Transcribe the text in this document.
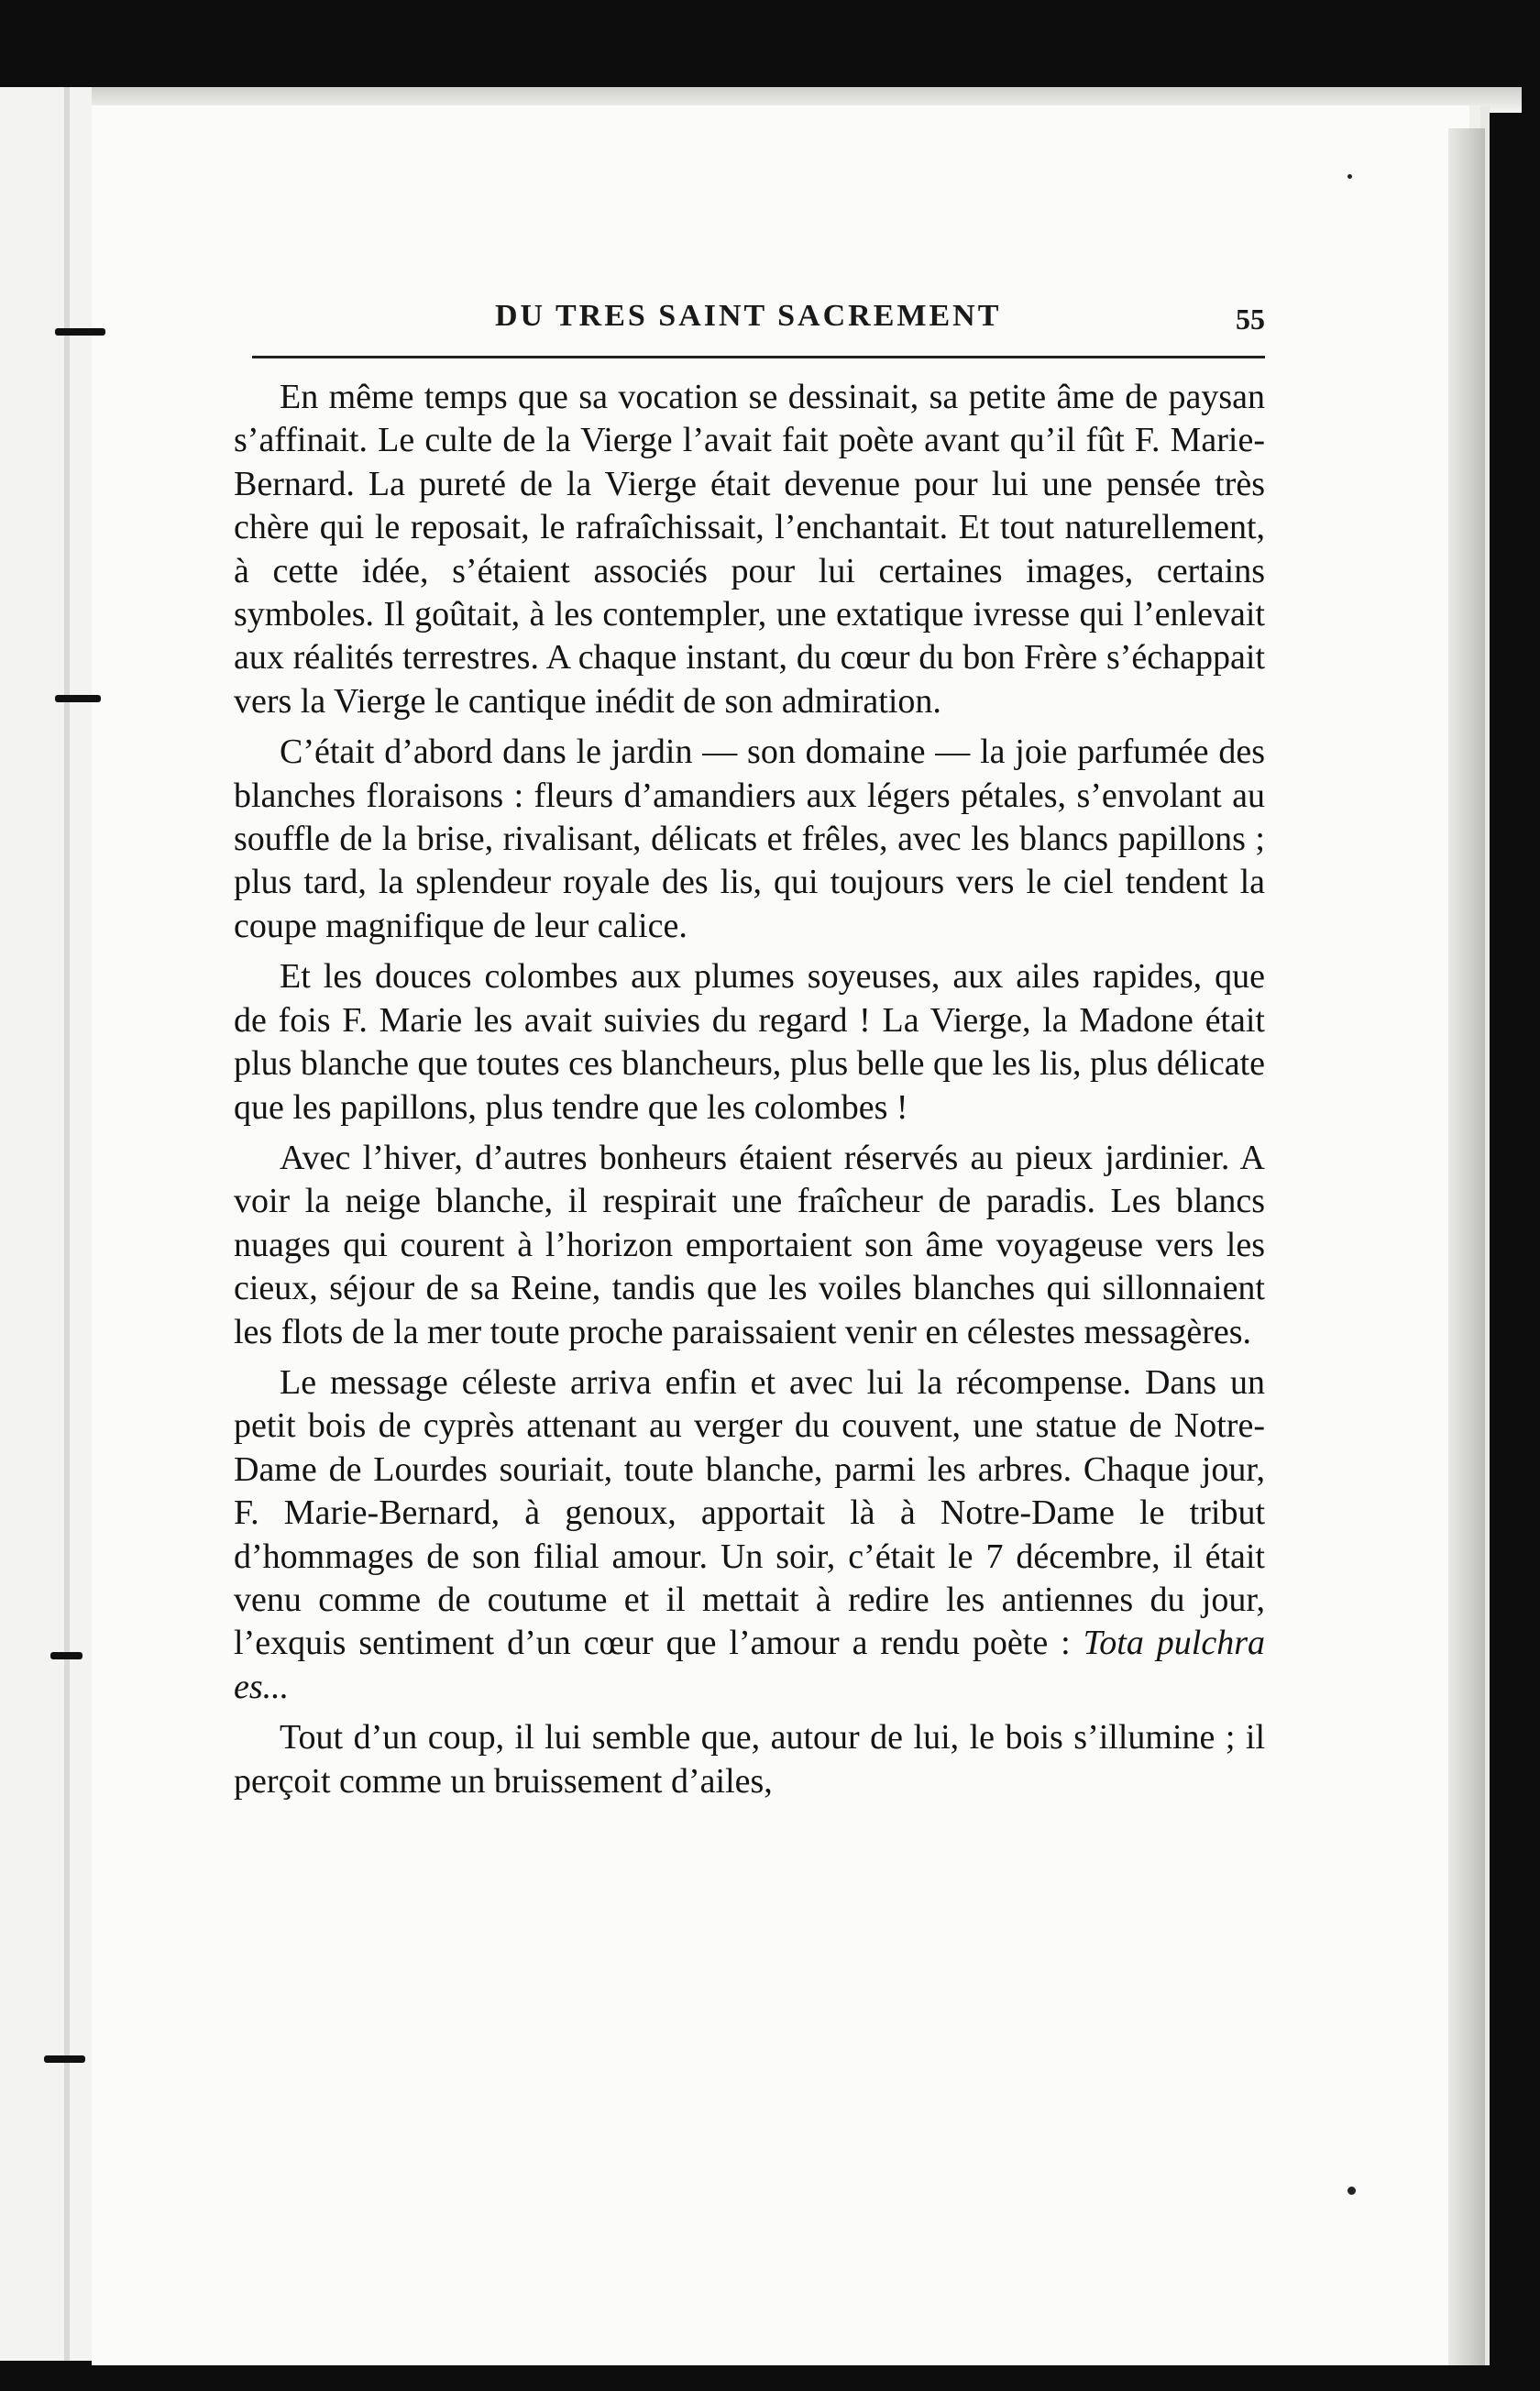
DU TRES SAINT SACREMENT	55

En même temps que sa vocation se dessinait, sa petite âme de paysan s’affinait. Le culte de la Vierge l’avait fait poète avant qu’il fût F. Marie-Bernard. La pureté de la Vierge était devenue pour lui une pensée très chère qui le reposait, le rafraîchissait, l’enchantait. Et tout naturellement, à cette idée, s’étaient associés pour lui certaines images, certains symboles. Il goûtait, à les contempler, une extatique ivresse qui l’enlevait aux réalités terrestres. A chaque instant, du cœur du bon Frère s’échappait vers la Vierge le cantique inédit de son admiration.

C’était d’abord dans le jardin — son domaine — la joie parfumée des blanches floraisons : fleurs d’amandiers aux légers pétales, s’envolant au souffle de la brise, rivalisant, délicats et frêles, avec les blancs papillons ; plus tard, la splendeur royale des lis, qui toujours vers le ciel tendent la coupe magnifique de leur calice.

Et les douces colombes aux plumes soyeuses, aux ailes rapides, que de fois F. Marie les avait suivies du regard ! La Vierge, la Madone était plus blanche que toutes ces blancheurs, plus belle que les lis, plus délicate que les papillons, plus tendre que les colombes !

Avec l’hiver, d’autres bonheurs étaient réservés au pieux jardinier. A voir la neige blanche, il respirait une fraîcheur de paradis. Les blancs nuages qui courent à l’horizon emportaient son âme voyageuse vers les cieux, séjour de sa Reine, tandis que les voiles blanches qui sillonnaient les flots de la mer toute proche paraissaient venir en célestes messagères.

Le message céleste arriva enfin et avec lui la récompense. Dans un petit bois de cyprès attenant au verger du couvent, une statue de Notre-Dame de Lourdes souriait, toute blanche, parmi les arbres. Chaque jour, F. Marie-Bernard, à genoux, apportait là à Notre-Dame le tribut d’hommages de son filial amour. Un soir, c’était le 7 décembre, il était venu comme de coutume et il mettait à redire les antiennes du jour, l’exquis sentiment d’un cœur que l’amour a rendu poète : Tota pulchra es...

Tout d’un coup, il lui semble que, autour de lui, le bois s’illumine ; il perçoit comme un bruissement d’ailes,
